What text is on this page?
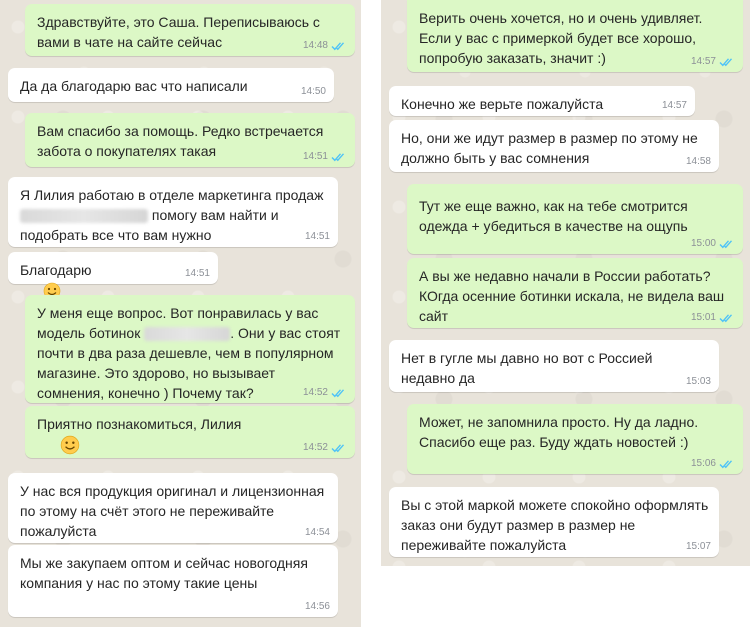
Здравствуйте, это Саша. Переписываюсь с вами в чате на сайте сейчас	14:48
Да да благодарю вас что написали	14:50
Вам спасибо за помощь. Редко встречается забота о покупателях такая	14:51
Я Лилия работаю в отделе маркетинга продаж
помогу вам найти и подобрать все что вам нужно	14:51
Благодарю

	14:51
У меня еще вопрос. Вот понравилась у вас модель ботинок	. Они у вас стоят почти в два раза дешевле, чем в популярном магазине. Это здорово, но вызывает сомнения, конечно ) Почему так?	14:52
Приятно познакомиться, Лилия

14:52
У нас вся продукция оригинал и лицензионная по этому на счёт этого не переживайте пожалуйста	14:54
Мы же закупаем оптом и сейчас новогодняя компания у нас по этому такие цены
14:56
Верить очень хочется, но и очень удивляет. Если у вас с примеркой будет все хорошо, попробую заказать, значит :)	14:57
Конечно же верьте пожалуйста	14:57
Но, они же идут размер в размер по этому не должно быть у вас сомнения	14:58
Тут же еще важно, как на тебе смотрится одежда + убедиться в качестве на ощупь
15:00
А вы же недавно начали в России работать? КОгда осенние ботинки искала, не видела ваш сайт	15:01
Нет в гугле мы давно но вот с Россией недавно да	15:03
Может, не запомнила просто. Ну да ладно. Спасибо еще раз. Буду ждать новостей :)
15:06
Вы с этой маркой можете спокойно оформлять заказ они будут размер в размер не переживайте пожалуйста	15:07
